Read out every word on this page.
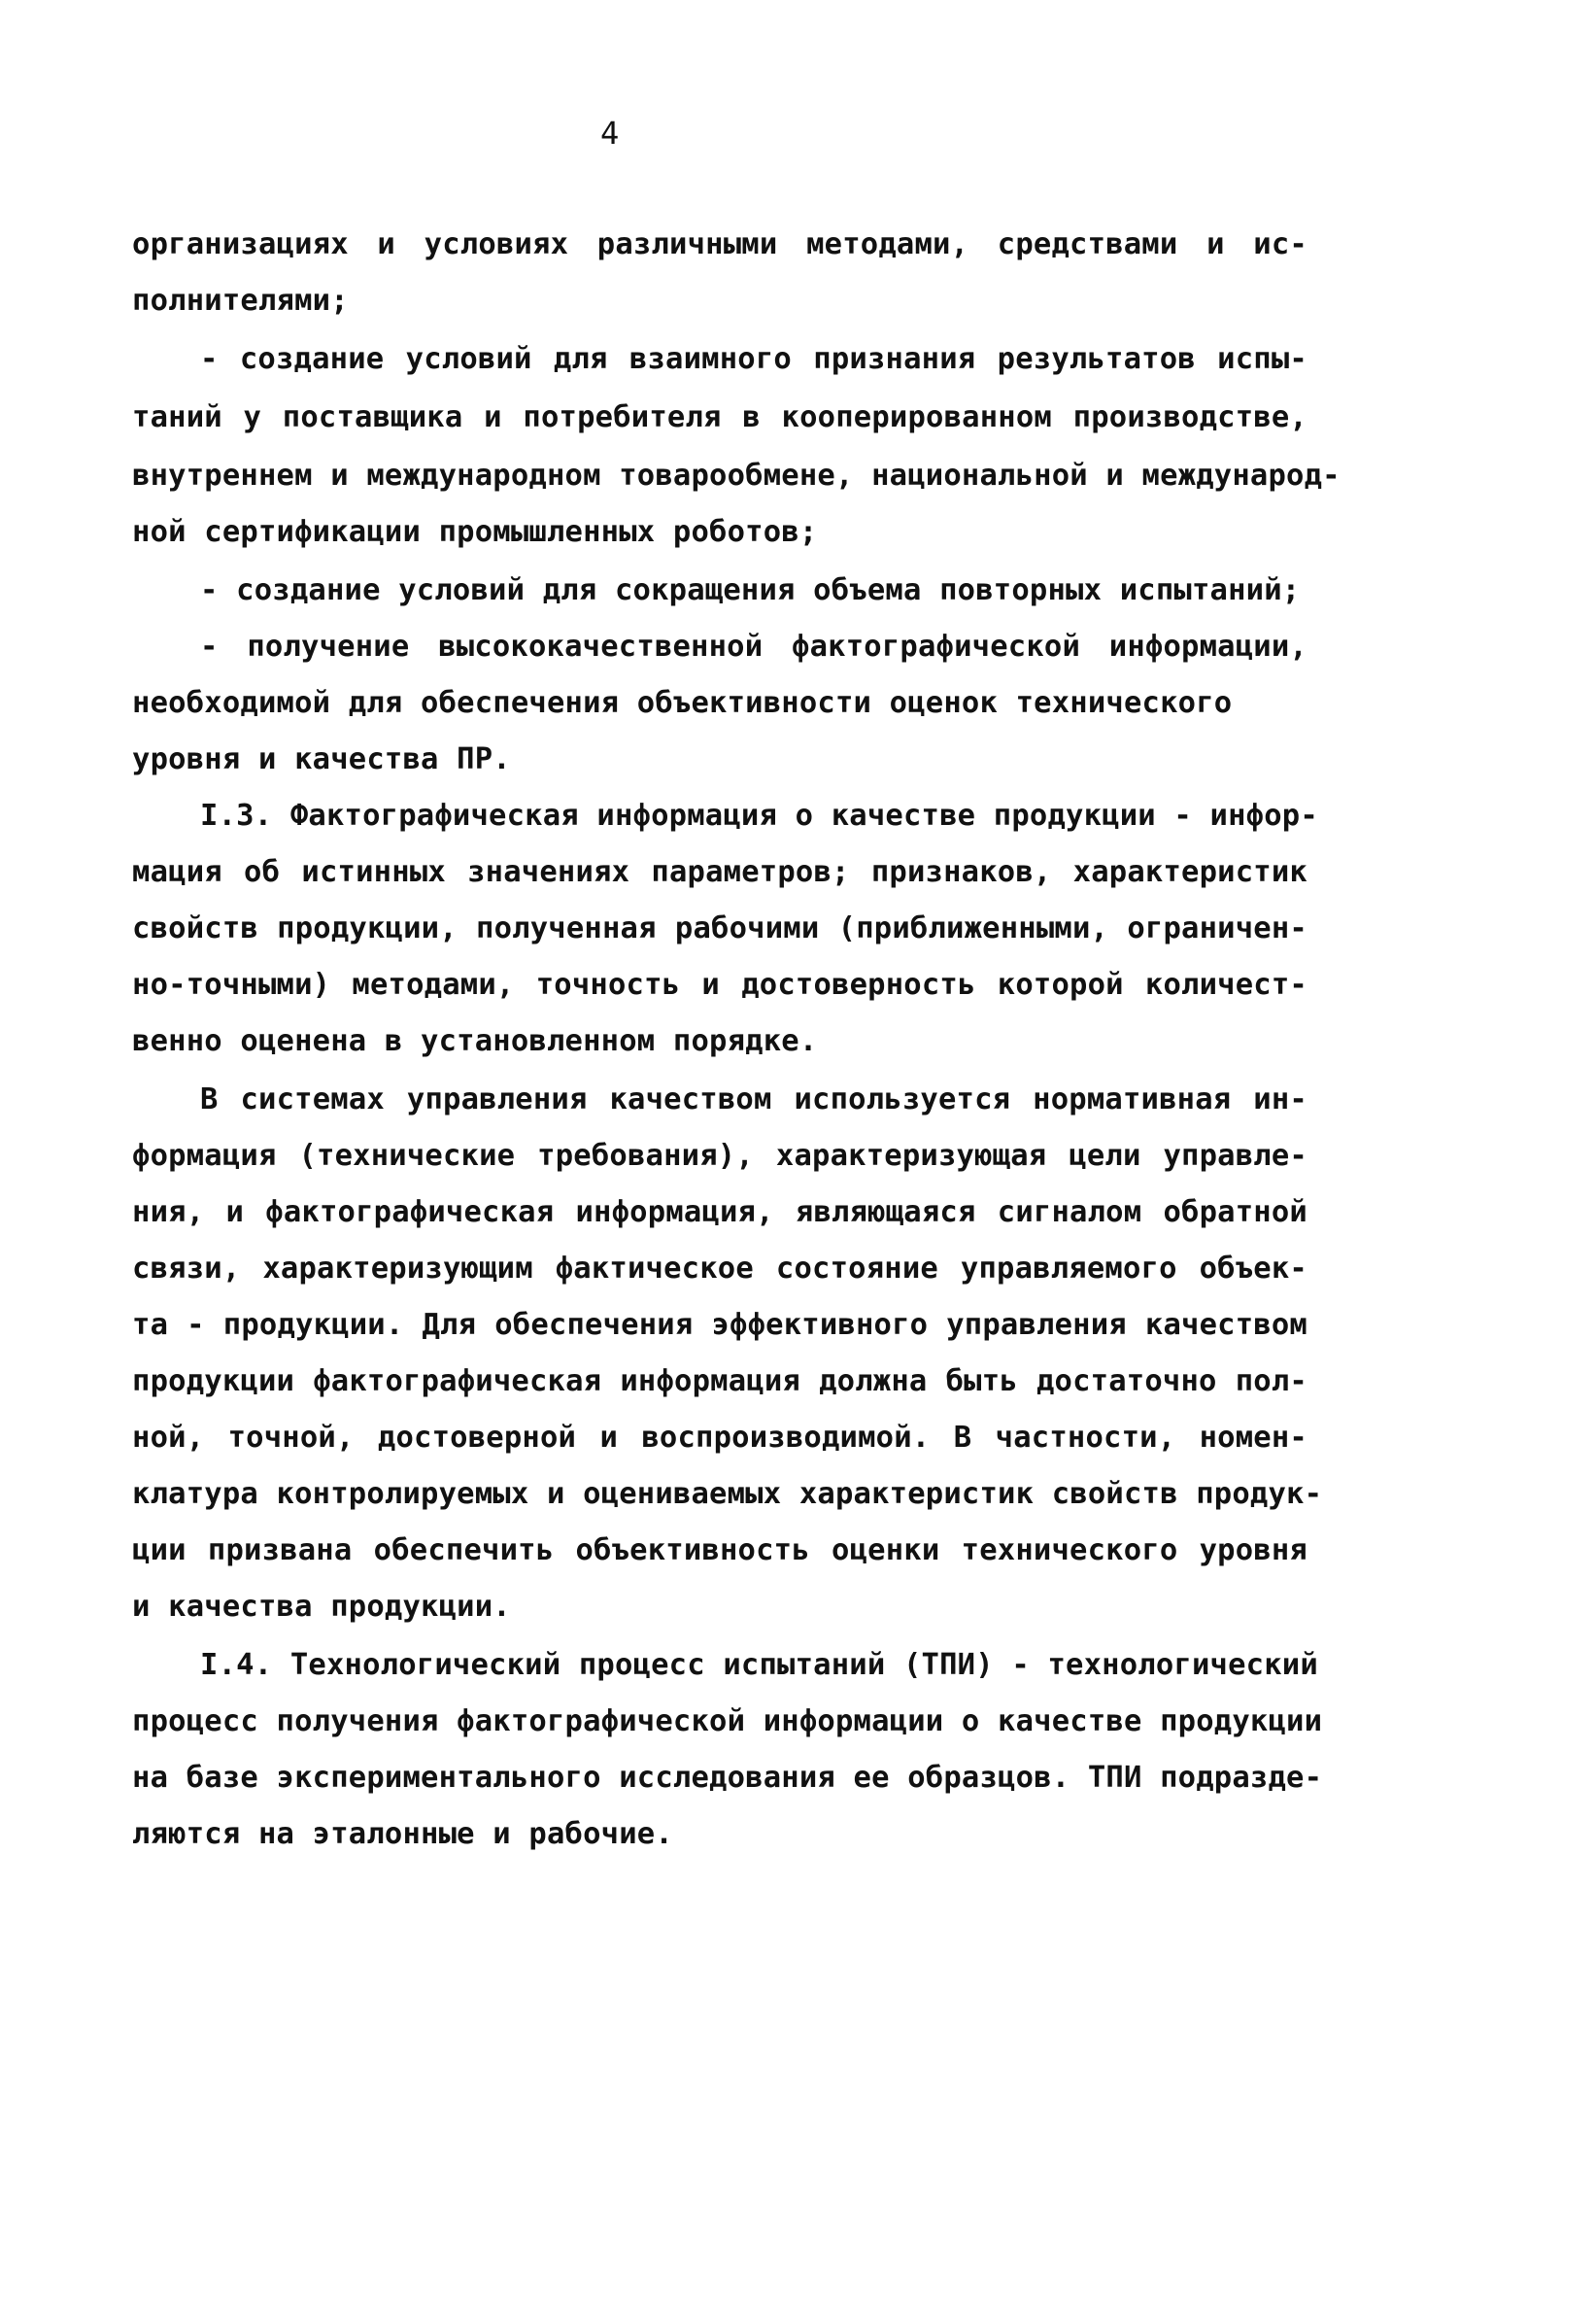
4
организациях и условиях различными методами, средствами и ис-
полнителями;
- создание условий для взаимного признания результатов испы-
таний у поставщика и потребителя в кооперированном производстве,
внутреннем и международном товарообмене, национальной и международ-
ной сертификации промышленных роботов;
- создание условий для сокращения объема повторных испытаний;
- получение высококачественной фактографической информации,
необходимой для обеспечения объективности оценок технического
уровня и качества ПР.
I.3. Фактографическая информация о качестве продукции - инфор-
мация об истинных значениях параметров; признаков, характеристик
свойств продукции, полученная рабочими (приближенными, ограничен-
но-точными) методами, точность и достоверность которой количест-
венно оценена в установленном порядке.
В системах управления качеством используется нормативная ин-
формация (технические требования), характеризующая цели управле-
ния, и фактографическая информация, являющаяся сигналом обратной
связи, характеризующим фактическое состояние управляемого объек-
та - продукции. Для обеспечения эффективного управления качеством
продукции фактографическая информация должна быть достаточно пол-
ной, точной, достоверной и воспроизводимой. В частности, номен-
клатура контролируемых и оцениваемых характеристик свойств продук-
ции призвана обеспечить объективность оценки технического уровня
и качества продукции.
I.4. Технологический процесс испытаний (ТПИ) - технологический
процесс получения фактографической информации о качестве продукции
на базе экспериментального исследования ее образцов. ТПИ подразде-
ляются на эталонные и рабочие.
